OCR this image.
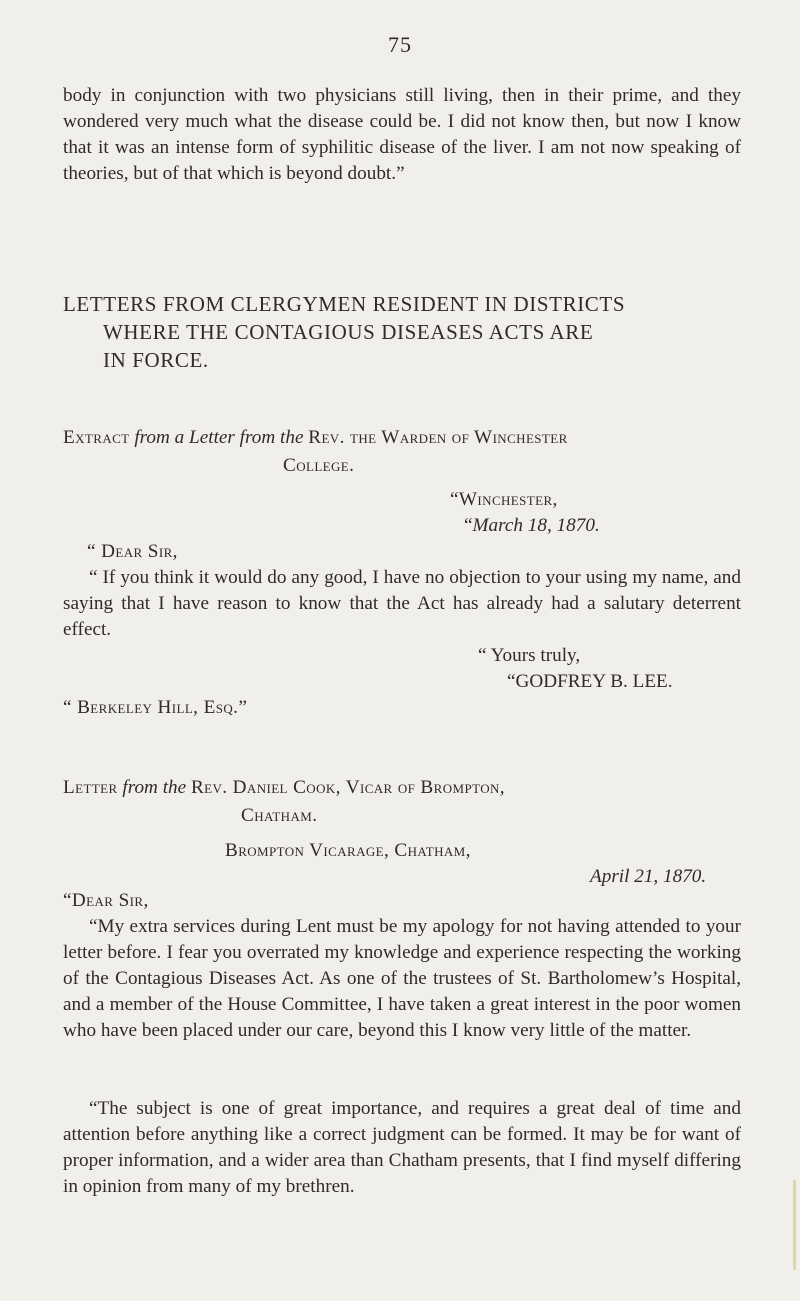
75
body in conjunction with two physicians still living, then in their prime, and they wondered very much what the disease could be. I did not know then, but now I know that it was an intense form of syphilitic disease of the liver. I am not now speaking of theories, but of that which is beyond doubt.”
LETTERS FROM CLERGYMEN RESIDENT IN DISTRICTS
WHERE THE CONTAGIOUS DISEASES ACTS ARE
IN FORCE.
Extract from a Letter from the Rev. the Warden of Winchester
College.
“Winchester,
“March 18, 1870.
“ Dear Sir,
“ If you think it would do any good, I have no objection to your using my name, and saying that I have reason to know that the Act has already had a salutary deterrent effect.
“ Yours truly,
“GODFREY B. LEE.
“ Berkeley Hill, Esq.”
Letter from the Rev. Daniel Cook, Vicar of Brompton,
Chatham.
Brompton Vicarage, Chatham,
April 21, 1870.
“Dear Sir,
“My extra services during Lent must be my apology for not having attended to your letter before. I fear you overrated my knowledge and experience respecting the working of the Contagious Diseases Act. As one of the trustees of St. Bartholomew’s Hospital, and a member of the House Committee, I have taken a great interest in the poor women who have been placed under our care, beyond this I know very little of the matter.
“The subject is one of great importance, and requires a great deal of time and attention before anything like a correct judgment can be formed. It may be for want of proper information, and a wider area than Chatham presents, that I find myself differing in opinion from many of my brethren.
